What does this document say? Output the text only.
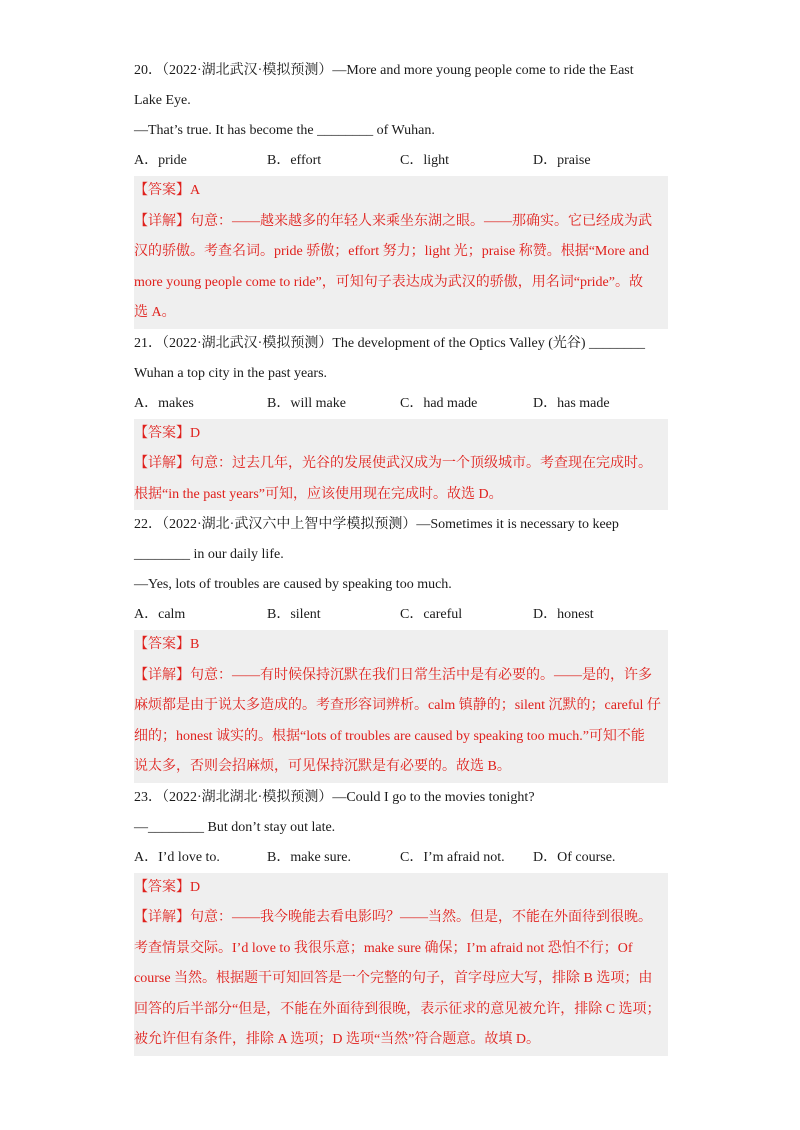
20．（2022·湖北武汉·模拟预测）—More and more young people come to ride the East
Lake Eye.
—That’s true. It has become the ________ of Wuhan.
A．pride	B．effort	C．light	D．praise
【答案】A
【详解】句意：——越来越多的年轻人来乘坐东湖之眼。——那确实。它已经成为武
汉的骄傲。考查名词。pride 骄傲；effort 努力；light 光；praise 称赞。根据“More and
more young people come to ride”，可知句子表达成为武汉的骄傲，用名词“pride”。故
选 A。
21．（2022·湖北武汉·模拟预测）The development of the Optics Valley (光谷) ________
Wuhan a top city in the past years.
A．makes	B．will make	C．had made	D．has made
【答案】D
【详解】句意：过去几年，光谷的发展使武汉成为一个顶级城市。考查现在完成时。
根据“in the past years”可知，应该使用现在完成时。故选 D。
22．（2022·湖北·武汉六中上智中学模拟预测）—Sometimes it is necessary to keep
________ in our daily life.
—Yes, lots of troubles are caused by speaking too much.
A．calm	B．silent	C．careful	D．honest
【答案】B
【详解】句意：——有时候保持沉默在我们日常生活中是有必要的。——是的，许多
麻烦都是由于说太多造成的。考查形容词辨析。calm 镇静的；silent 沉默的；careful 仔
细的；honest 诚实的。根据“lots of troubles are caused by speaking too much.”可知不能
说太多，否则会招麻烦，可见保持沉默是有必要的。故选 B。
23．（2022·湖北湖北·模拟预测）—Could I go to the movies tonight?
—________ But don’t stay out late.
A．I’d love to.	B．make sure.	C．I’m afraid not.	D．Of course.
【答案】D
【详解】句意：——我今晚能去看电影吗？——当然。但是，不能在外面待到很晚。
考查情景交际。I’d love to 我很乐意；make sure 确保；I’m afraid not 恐怕不行；Of
course 当然。根据题干可知回答是一个完整的句子，首字母应大写，排除 B 选项；由
回答的后半部分“但是，不能在外面待到很晚，表示征求的意见被允许，排除 C 选项；
被允许但有条件，排除 A 选项；D 选项“当然”符合题意。故填 D。
